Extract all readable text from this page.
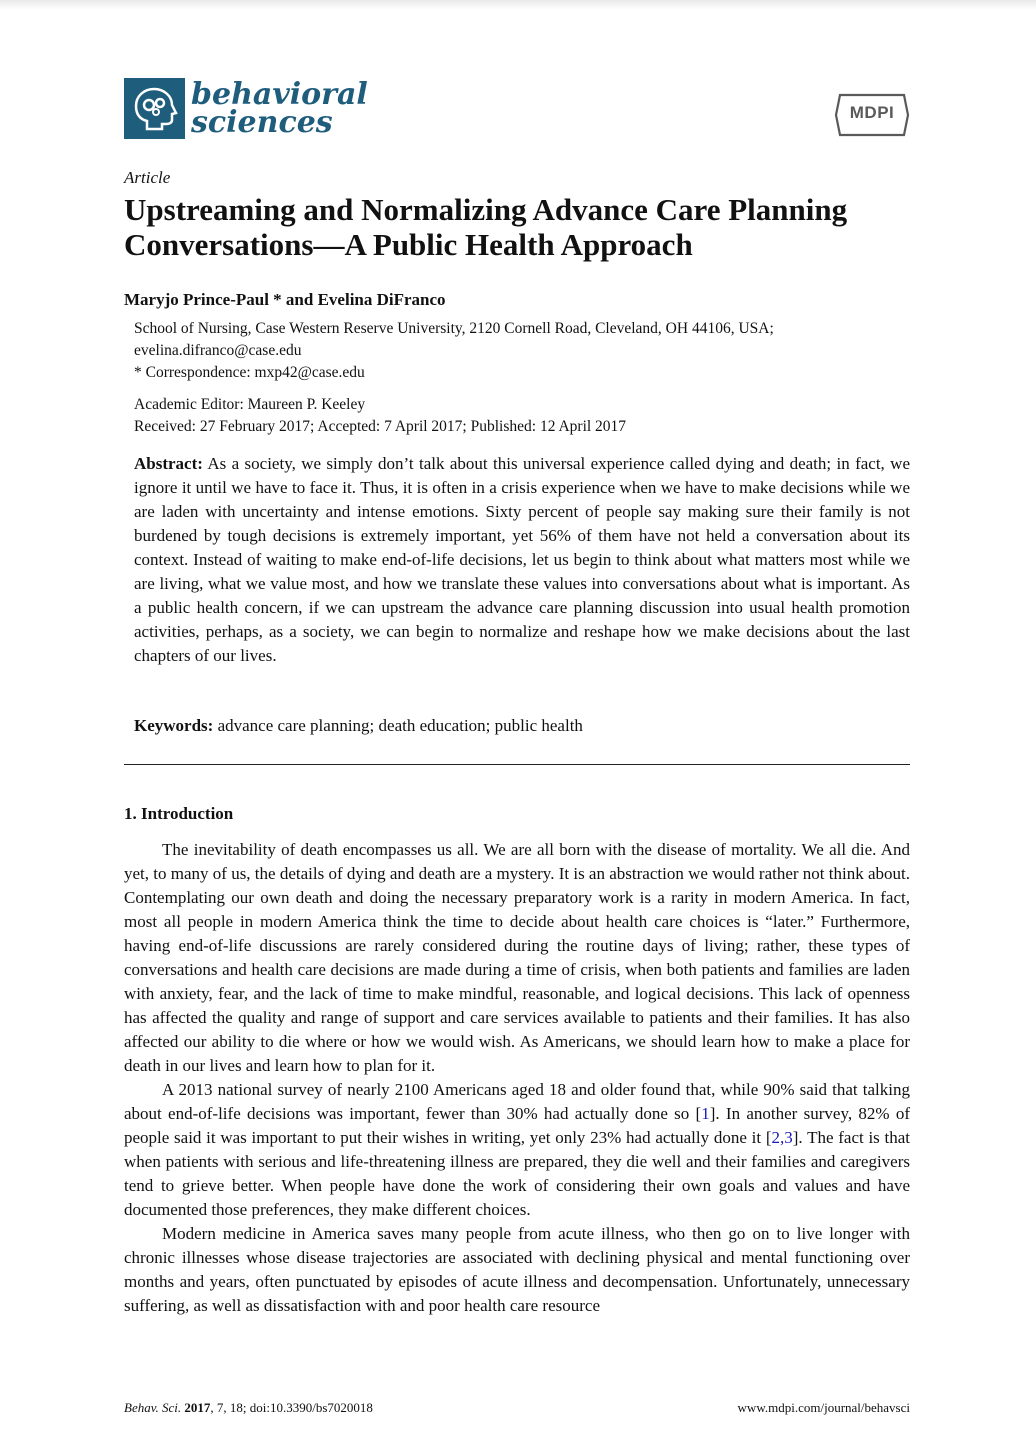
behavioral
sciences	MDPI
Article
Upstreaming and Normalizing Advance Care Planning Conversations—A Public Health Approach
Maryjo Prince-Paul * and Evelina DiFranco

School of Nursing, Case Western Reserve University, 2120 Cornell Road, Cleveland, OH 44106, USA;

evelina.difranco@case.edu

* Correspondence: mxp42@case.edu

Academic Editor: Maureen P. Keeley

Received: 27 February 2017; Accepted: 7 April 2017; Published: 12 April 2017

Abstract: As a society, we simply don’t talk about this universal experience called dying and death; in fact, we ignore it until we have to face it. Thus, it is often in a crisis experience when we have to make decisions while we are laden with uncertainty and intense emotions. Sixty percent of people say making sure their family is not burdened by tough decisions is extremely important, yet 56% of them have not held a conversation about its context. Instead of waiting to make end-of-life decisions, let us begin to think about what matters most while we are living, what we value most, and how we translate these values into conversations about what is important. As a public health concern, if we can upstream the advance care planning discussion into usual health promotion activities, perhaps, as a society, we can begin to normalize and reshape how we make decisions about the last chapters of our lives.

Keywords: advance care planning; death education; public health
1. Introduction

The inevitability of death encompasses us all. We are all born with the disease of mortality. We all die. And yet, to many of us, the details of dying and death are a mystery. It is an abstraction we would rather not think about. Contemplating our own death and doing the necessary preparatory work is a rarity in modern America. In fact, most all people in modern America think the time to decide about health care choices is “later.” Furthermore, having end-of-life discussions are rarely considered during the routine days of living; rather, these types of conversations and health care decisions are made during a time of crisis, when both patients and families are laden with anxiety, fear, and the lack of time to make mindful, reasonable, and logical decisions. This lack of openness has affected the quality and range of support and care services available to patients and their families. It has also affected our ability to die where or how we would wish. As Americans, we should learn how to make a place for death in our lives and learn how to plan for it.

A 2013 national survey of nearly 2100 Americans aged 18 and older found that, while 90% said that talking about end-of-life decisions was important, fewer than 30% had actually done so [1]. In another survey, 82% of people said it was important to put their wishes in writing, yet only 23% had actually done it [2,3]. The fact is that when patients with serious and life-threatening illness are prepared, they die well and their families and caregivers tend to grieve better. When people have done the work of considering their own goals and values and have documented those preferences, they make different choices.

Modern medicine in America saves many people from acute illness, who then go on to live longer with chronic illnesses whose disease trajectories are associated with declining physical and mental functioning over months and years, often punctuated by episodes of acute illness and decompensation. Unfortunately, unnecessary suffering, as well as dissatisfaction with and poor health care resource

Behav. Sci. 2017, 7, 18; doi:10.3390/bs7020018	www.mdpi.com/journal/behavsci
